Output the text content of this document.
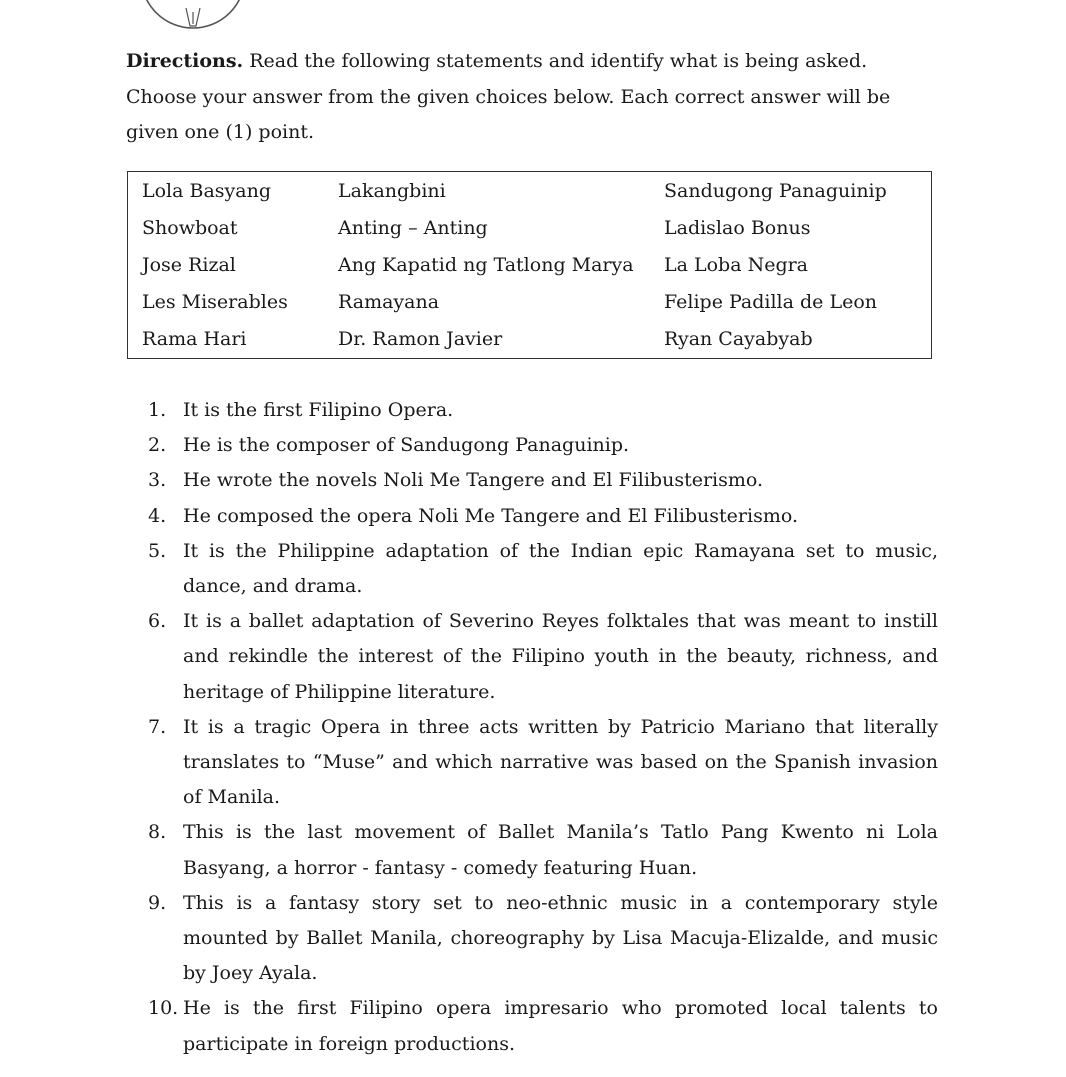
Directions. Read the following statements and identify what is being asked. Choose your answer from the given choices below. Each correct answer will be given one (1) point.
Lola Basyang	Lakangbini	Sandugong Panaguinip
Showboat	Anting – Anting	Ladislao Bonus
Jose Rizal	Ang Kapatid ng Tatlong Marya	La Loba Negra
Les Miserables	Ramayana	Felipe Padilla de Leon
Rama Hari	Dr. Ramon Javier	Ryan Cayabyab
1. It is the first Filipino Opera.
2. He is the composer of Sandugong Panaguinip.
3. He wrote the novels Noli Me Tangere and El Filibusterismo.
4. He composed the opera Noli Me Tangere and El Filibusterismo.
5. It is the Philippine adaptation of the Indian epic Ramayana set to music, dance, and drama.
6. It is a ballet adaptation of Severino Reyes folktales that was meant to instill and rekindle the interest of the Filipino youth in the beauty, richness, and heritage of Philippine literature.
7. It is a tragic Opera in three acts written by Patricio Mariano that literally translates to “Muse” and which narrative was based on the Spanish invasion of Manila.
8. This is the last movement of Ballet Manila’s Tatlo Pang Kwento ni Lola Basyang, a horror - fantasy - comedy featuring Huan.
9. This is a fantasy story set to neo-ethnic music in a contemporary style mounted by Ballet Manila, choreography by Lisa Macuja-Elizalde, and music by Joey Ayala.
10. He is the first Filipino opera impresario who promoted local talents to participate in foreign productions.
